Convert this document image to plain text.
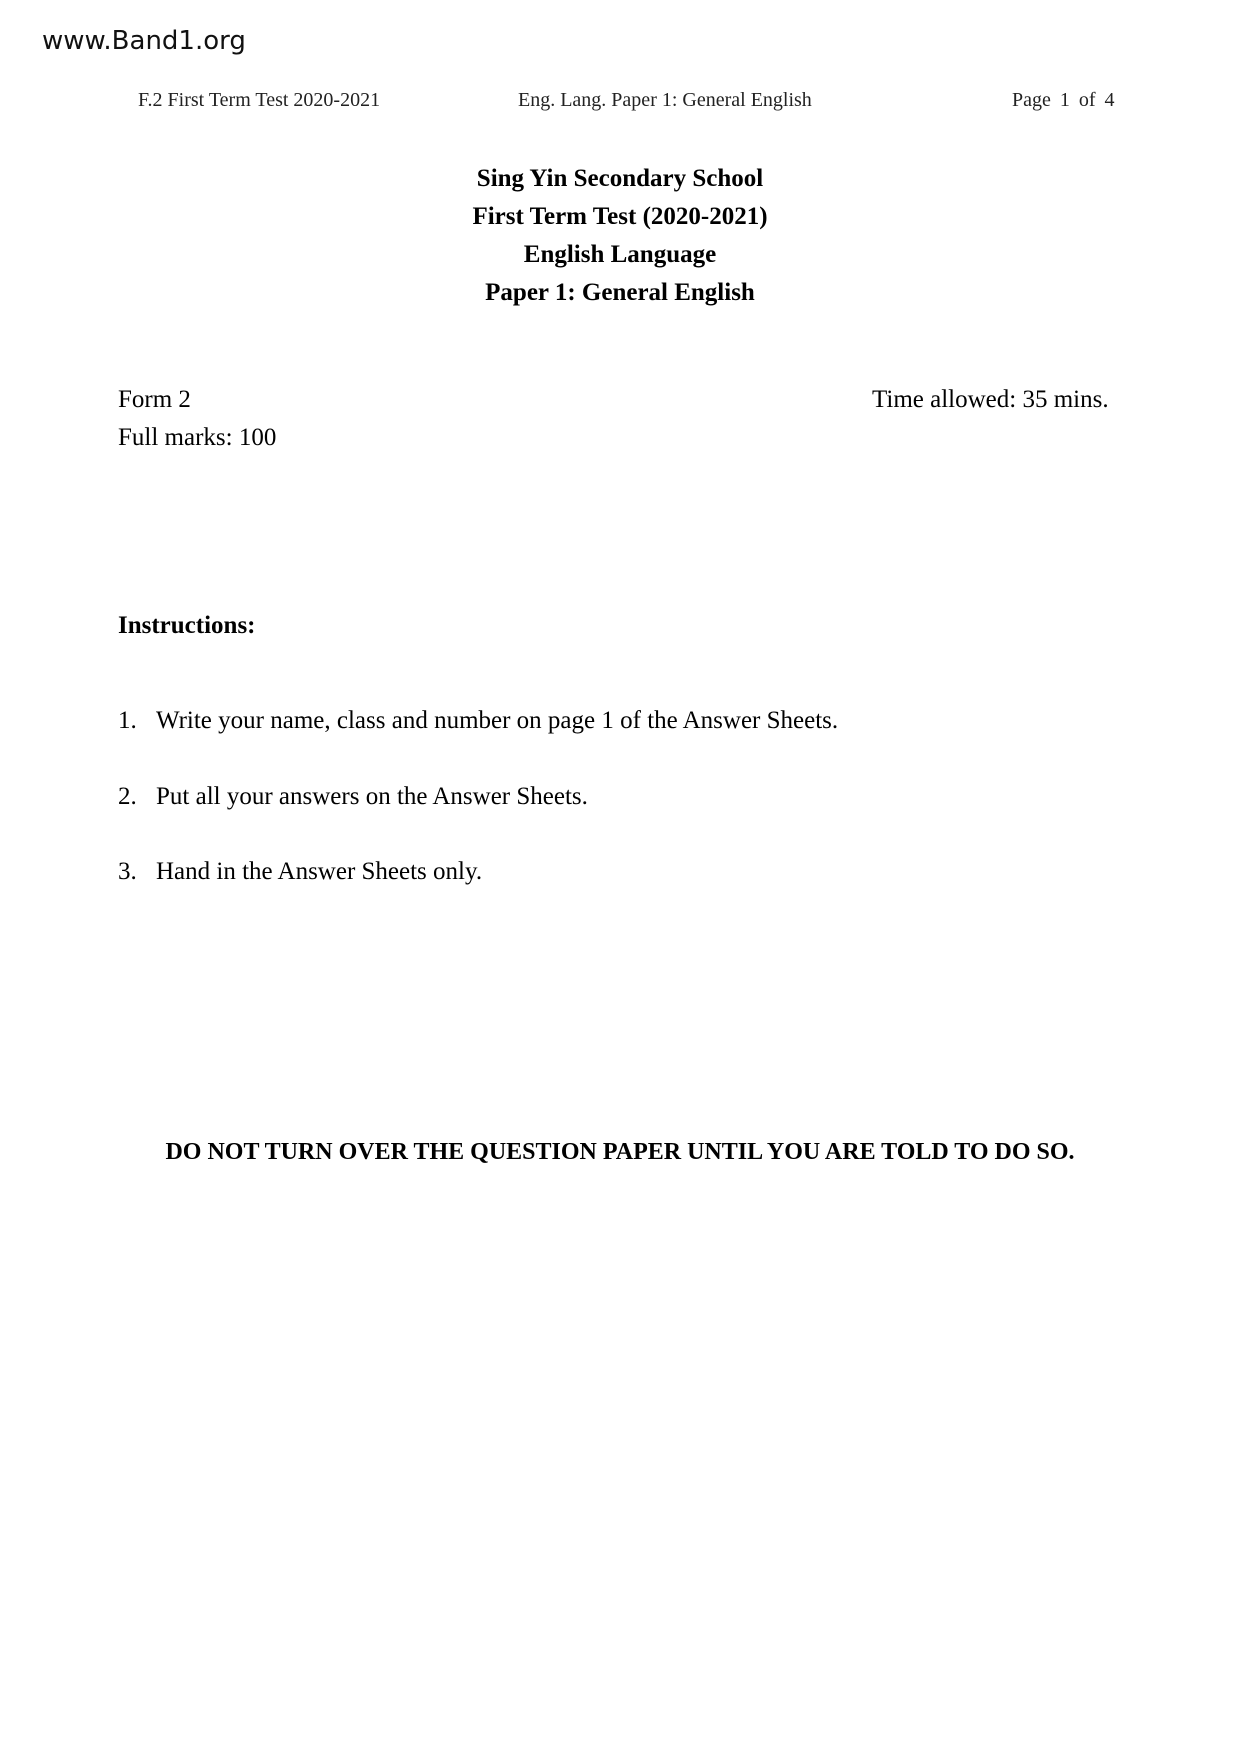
www.Band1.org
F.2 First Term Test 2020-2021	Eng. Lang. Paper 1: General English	Page 1 of 4
Sing Yin Secondary School
First Term Test (2020-2021)
English Language
Paper 1: General English
Form 2
Full marks: 100
Time allowed: 35 mins.
Instructions:
1. Write your name, class and number on page 1 of the Answer Sheets.
2. Put all your answers on the Answer Sheets.
3. Hand in the Answer Sheets only.
DO NOT TURN OVER THE QUESTION PAPER UNTIL YOU ARE TOLD TO DO SO.
